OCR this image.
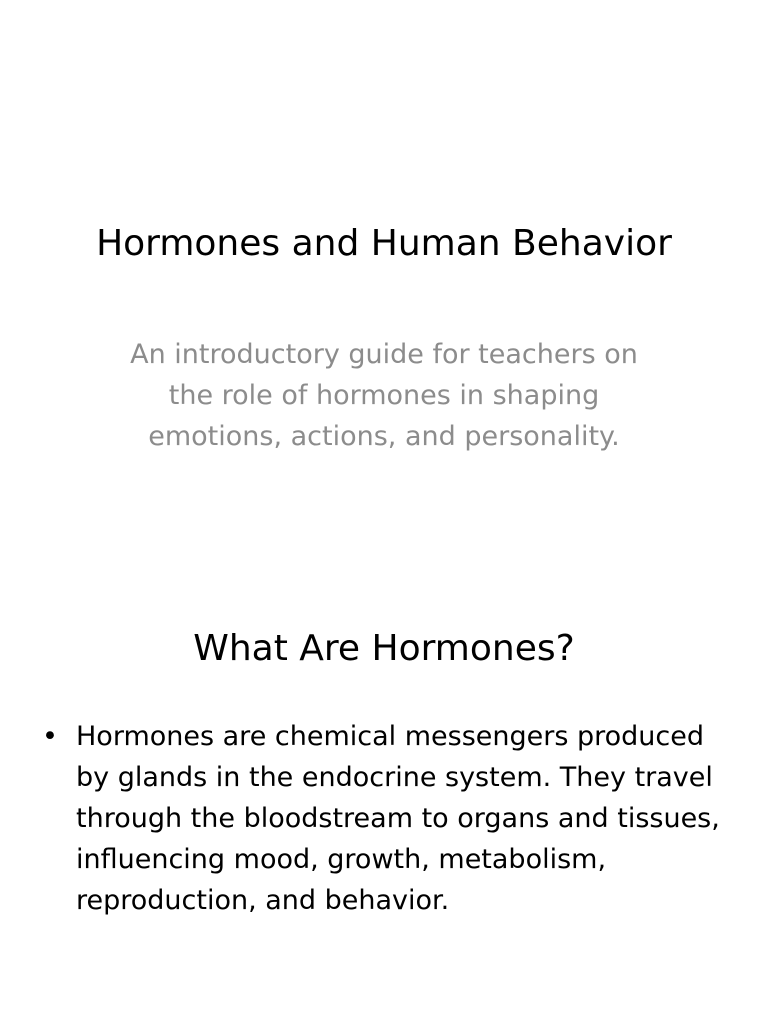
Hormones and Human Behavior
An introductory guide for teachers on the role of hormones in shaping emotions, actions, and personality.
What Are Hormones?
• Hormones are chemical messengers produced by glands in the endocrine system. They travel through the bloodstream to organs and tissues, influencing mood, growth, metabolism, reproduction, and behavior.
